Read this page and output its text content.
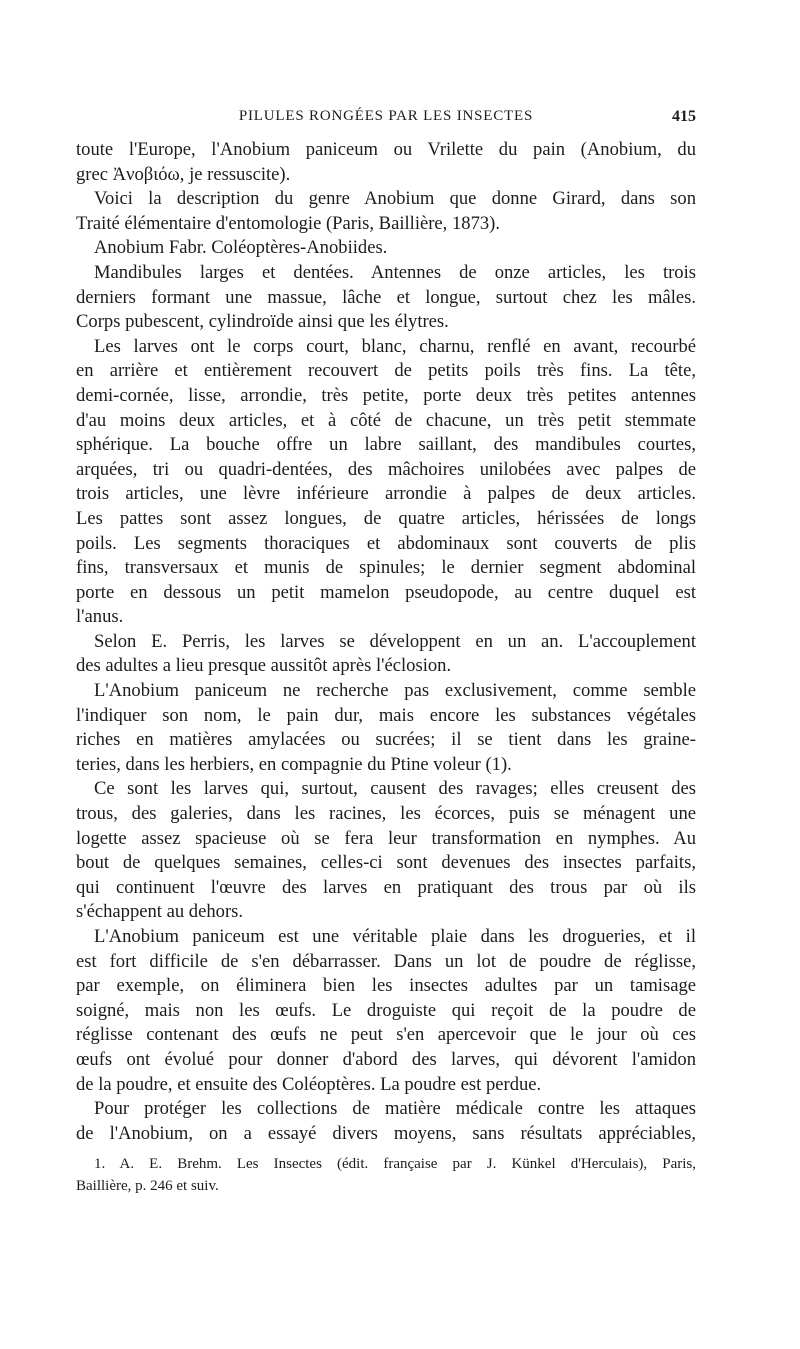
PILULES RONGÉES PAR LES INSECTES	415
toute l'Europe, l'Anobium paniceum ou Vrilette du pain (Anobium, du
grec Ἀνοβιόω, je ressuscite).
Voici la description du genre Anobium que donne Girard, dans son
Traité élémentaire d'entomologie (Paris, Baillière, 1873).
Anobium Fabr. Coléoptères-Anobiides.
Mandibules larges et dentées. Antennes de onze articles, les trois
derniers formant une massue, lâche et longue, surtout chez les mâles.
Corps pubescent, cylindroïde ainsi que les élytres.
Les larves ont le corps court, blanc, charnu, renflé en avant, recourbé
en arrière et entièrement recouvert de petits poils très fins. La tête,
demi-cornée, lisse, arrondie, très petite, porte deux très petites antennes
d'au moins deux articles, et à côté de chacune, un très petit stemmate
sphérique. La bouche offre un labre saillant, des mandibules courtes,
arquées, tri ou quadri-dentées, des mâchoires unilobées avec palpes de
trois articles, une lèvre inférieure arrondie à palpes de deux articles.
Les pattes sont assez longues, de quatre articles, hérissées de longs
poils. Les segments thoraciques et abdominaux sont couverts de plis
fins, transversaux et munis de spinules; le dernier segment abdominal
porte en dessous un petit mamelon pseudopode, au centre duquel est
l'anus.
Selon E. Perris, les larves se développent en un an. L'accouplement
des adultes a lieu presque aussitôt après l'éclosion.
L'Anobium paniceum ne recherche pas exclusivement, comme semble
l'indiquer son nom, le pain dur, mais encore les substances végétales
riches en matières amylacées ou sucrées; il se tient dans les graine-
teries, dans les herbiers, en compagnie du Ptine voleur (1).
Ce sont les larves qui, surtout, causent des ravages; elles creusent des
trous, des galeries, dans les racines, les écorces, puis se ménagent une
logette assez spacieuse où se fera leur transformation en nymphes. Au
bout de quelques semaines, celles-ci sont devenues des insectes parfaits,
qui continuent l'œuvre des larves en pratiquant des trous par où ils
s'échappent au dehors.
L'Anobium paniceum est une véritable plaie dans les drogueries, et il
est fort difficile de s'en débarrasser. Dans un lot de poudre de réglisse,
par exemple, on éliminera bien les insectes adultes par un tamisage
soigné, mais non les œufs. Le droguiste qui reçoit de la poudre de
réglisse contenant des œufs ne peut s'en apercevoir que le jour où ces
œufs ont évolué pour donner d'abord des larves, qui dévorent l'amidon
de la poudre, et ensuite des Coléoptères. La poudre est perdue.
Pour protéger les collections de matière médicale contre les attaques
de l'Anobium, on a essayé divers moyens, sans résultats appréciables,
1. A. E. Brehm. Les Insectes (édit. française par J. Künkel d'Herculais), Paris,
Baillière, p. 246 et suiv.
